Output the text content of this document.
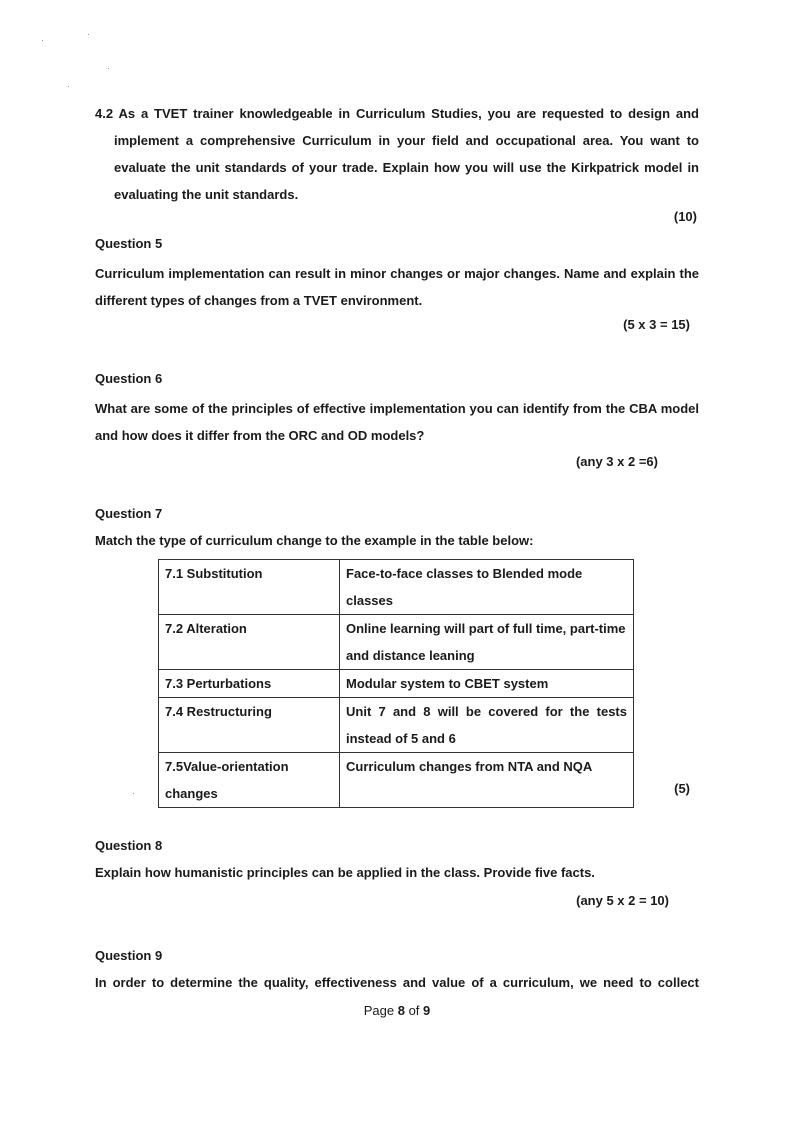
4.2 As a TVET trainer knowledgeable in Curriculum Studies, you are requested to design and
implement a comprehensive Curriculum in your field and occupational area. You want to
evaluate the unit standards of your trade. Explain how you will use the Kirkpatrick model in
evaluating the unit standards.
(10)
Question 5
Curriculum implementation can result in minor changes or major changes. Name and explain the different types of changes from a TVET environment.
(5 x 3 = 15)
Question 6
What are some of the principles of effective implementation you can identify from the CBA model and how does it differ from the ORC and OD models?
(any 3 x 2 =6)
Question 7
Match the type of curriculum change to the example in the table below:
7.1 Substitution	Face-to-face classes to Blended mode classes
7.2 Alteration	Online learning will part of full time, part-time and distance leaning
7.3 Perturbations	Modular system to CBET system
7.4 Restructuring	Unit 7 and 8 will be covered for the tests instead of 5 and 6
7.5Value-orientation changes	Curriculum changes from NTA and NQA
(5)
Question 8
Explain how humanistic principles can be applied in the class. Provide five facts.
(any 5 x 2 = 10)
Question 9
In order to determine the quality, effectiveness and value of a curriculum, we need to collect
Page 8 of 9
